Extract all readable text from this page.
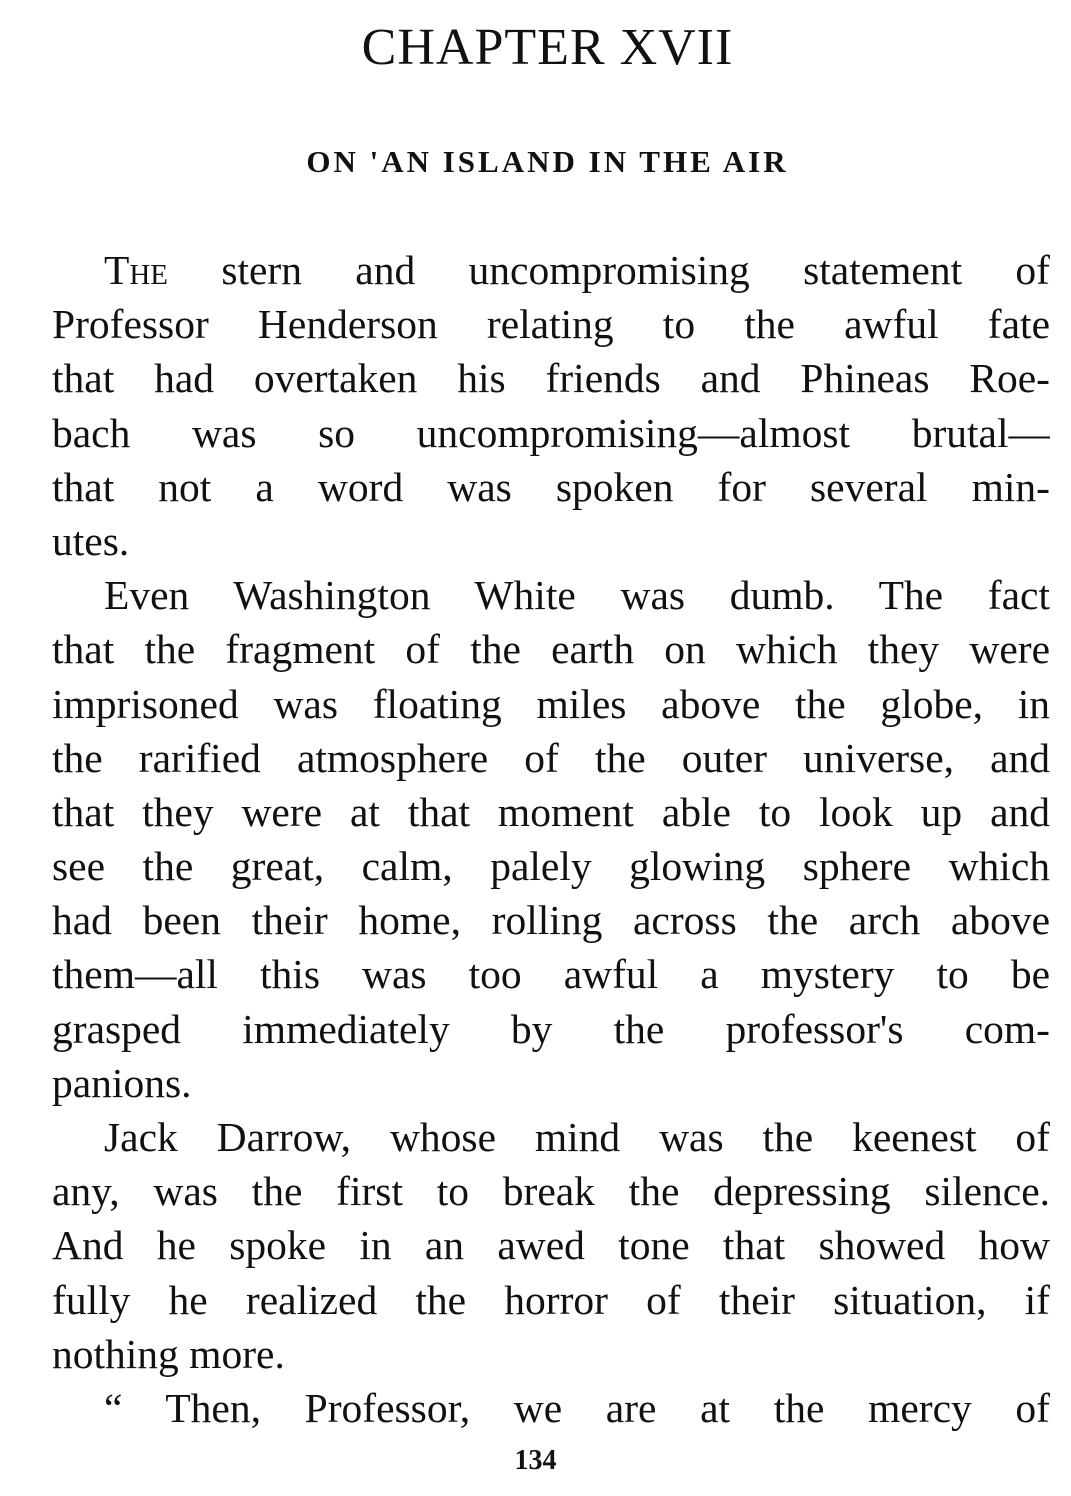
CHAPTER XVII
ON 'AN ISLAND IN THE AIR
The stern and uncompromising statement of
Professor Henderson relating to the awful fate
that had overtaken his friends and Phineas Roe-
bach was so uncompromising—almost brutal—
that not a word was spoken for several min-
utes.
Even Washington White was dumb. The fact
that the fragment of the earth on which they were
imprisoned was floating miles above the globe, in
the rarified atmosphere of the outer universe, and
that they were at that moment able to look up and
see the great, calm, palely glowing sphere which
had been their home, rolling across the arch above
them—all this was too awful a mystery to be
grasped immediately by the professor's com-
panions.
Jack Darrow, whose mind was the keenest of
any, was the first to break the depressing silence.
And he spoke in an awed tone that showed how
fully he realized the horror of their situation, if
nothing more.
“ Then, Professor, we are at the mercy of
134
